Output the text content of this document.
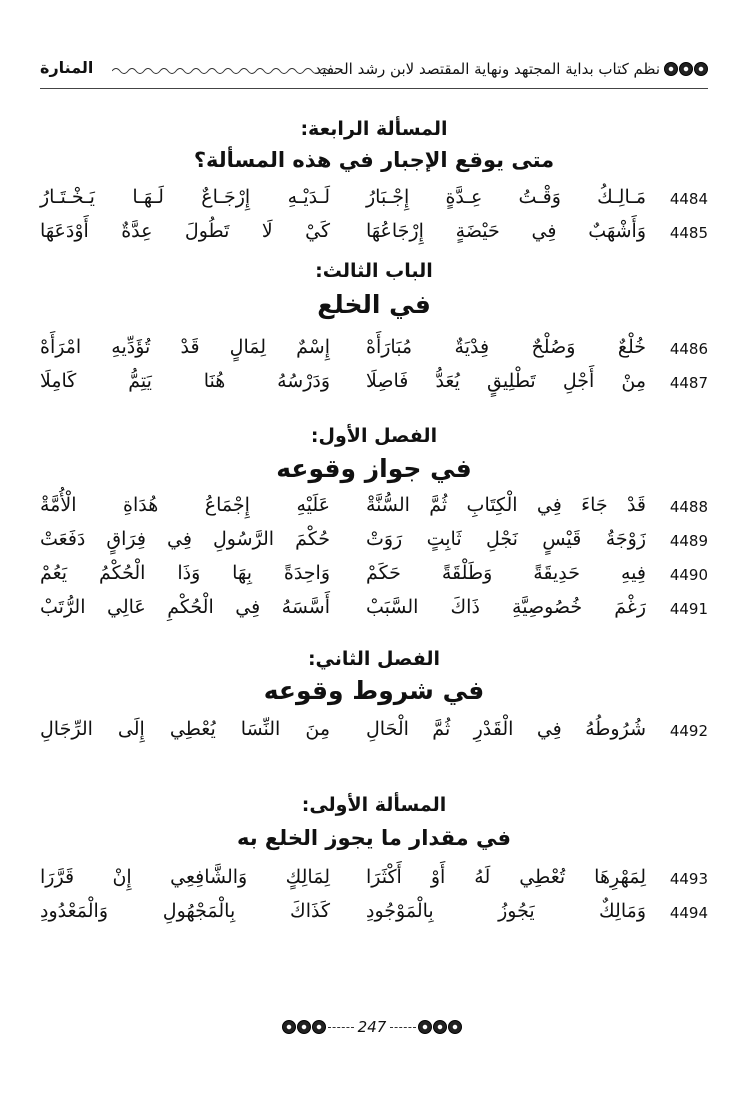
نظم كتاب بداية المجتهد ونهاية المقتصد لابن رشد الحفيد
المنارة
المسألة الرابعة:
متى يوقع الإجبار في هذه المسألة؟
4484
مَـالِـكُ وَقْـتُ عِـدَّةٍ إِجْـبَارُ
لَـدَيْـهِ إِرْجَـاعٌ لَـهَـا يَـخْـتَـارُ
4485
وَأَشْهَبٌ فِي حَيْضَةٍ إِرْجَاعُهَا
كَيْ لَا تَطُولَ عِدَّةٌ أَوْدَعَهَا
الباب الثالث:
في الخلع
4486
خُلْعٌ وَصُلْحٌ فِدْيَةٌ مُبَارَأَهْ
إِسْمٌ لِمَالٍ قَدْ تُؤَدِّيهِ امْرَأَهْ
4487
مِنْ أَجْلِ تَطْلِيقٍ يُعَدُّ فَاصِلَا
وَدَرْسُهُ هُنَا يَتِمُّ كَامِلَا
الفصل الأول:
في جواز وقوعه
4488
قَدْ جَاءَ فِي الْكِتَابِ ثُمَّ السُّنَّةْ
عَلَيْهِ إِجْمَاعُ هُدَاةِ الْأُمَّةْ
4489
زَوْجَةُ قَيْسٍ نَجْلِ ثَابِتٍ رَوَتْ
حُكْمَ الرَّسُولِ فِي فِرَاقٍ دَفَعَتْ
4490
فِيهِ حَدِيقَةً وَطَلْقَةً حَكَمْ
وَاحِدَةً بِهَا وَذَا الْحُكْمُ يَعُمْ
4491
رَغْمَ خُصُوصِيَّةِ ذَاكَ السَّبَبْ
أَسَّسَهُ فِي الْحُكْمِ عَالِي الرُّتَبْ
الفصل الثاني:
في شروط وقوعه
4492
شُرُوطُهُ فِي الْقَدْرِ ثُمَّ الْحَالِ
مِنَ النِّسَا يُعْطِي إِلَى الرِّجَالِ
المسألة الأولى:
في مقدار ما يجوز الخلع به
4493
لِمَهْرِهَا تُعْطِي لَهُ أَوْ أَكْثَرَا
لِمَالِكٍ وَالشَّافِعِي إِنْ قَرَّرَا
4494
وَمَالِكٌ يَجُوزُ بِالْمَوْجُودِ
كَذَاكَ بِالْمَجْهُولِ وَالْمَعْدُودِ
247
